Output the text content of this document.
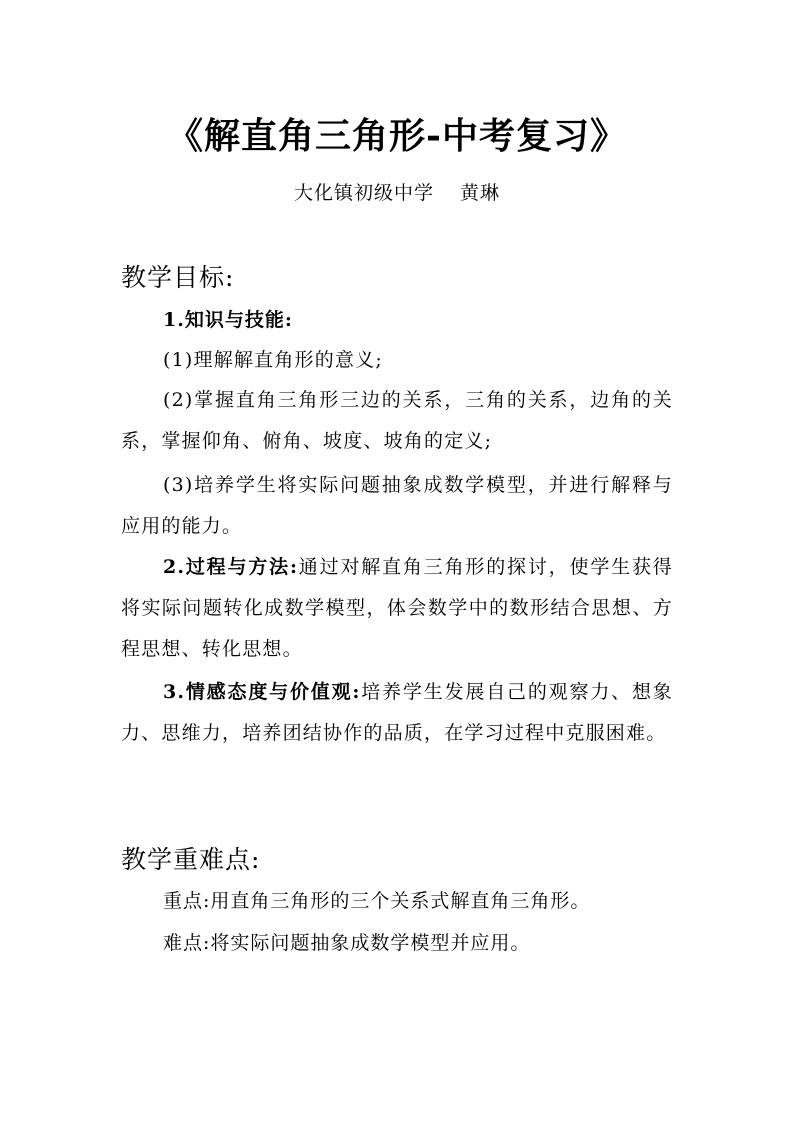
《解直角三角形-中考复习》
大化镇初级中学 黄琳
教学目标:
1.知识与技能:

(1)理解解直角形的意义;

(2)掌握直角三角形三边的关系，三角的关系，边角的关系，掌握仰角、俯角、坡度、坡角的定义;

(3)培养学生将实际问题抽象成数学模型，并进行解释与应用的能力。

2.过程与方法:通过对解直角三角形的探讨，使学生获得将实际问题转化成数学模型，体会数学中的数形结合思想、方程思想、转化思想。

3.情感态度与价值观:培养学生发展自己的观察力、想象力、思维力，培养团结协作的品质，在学习过程中克服困难。

教学重难点:
重点:用直角三角形的三个关系式解直角三角形。
难点:将实际问题抽象成数学模型并应用。
